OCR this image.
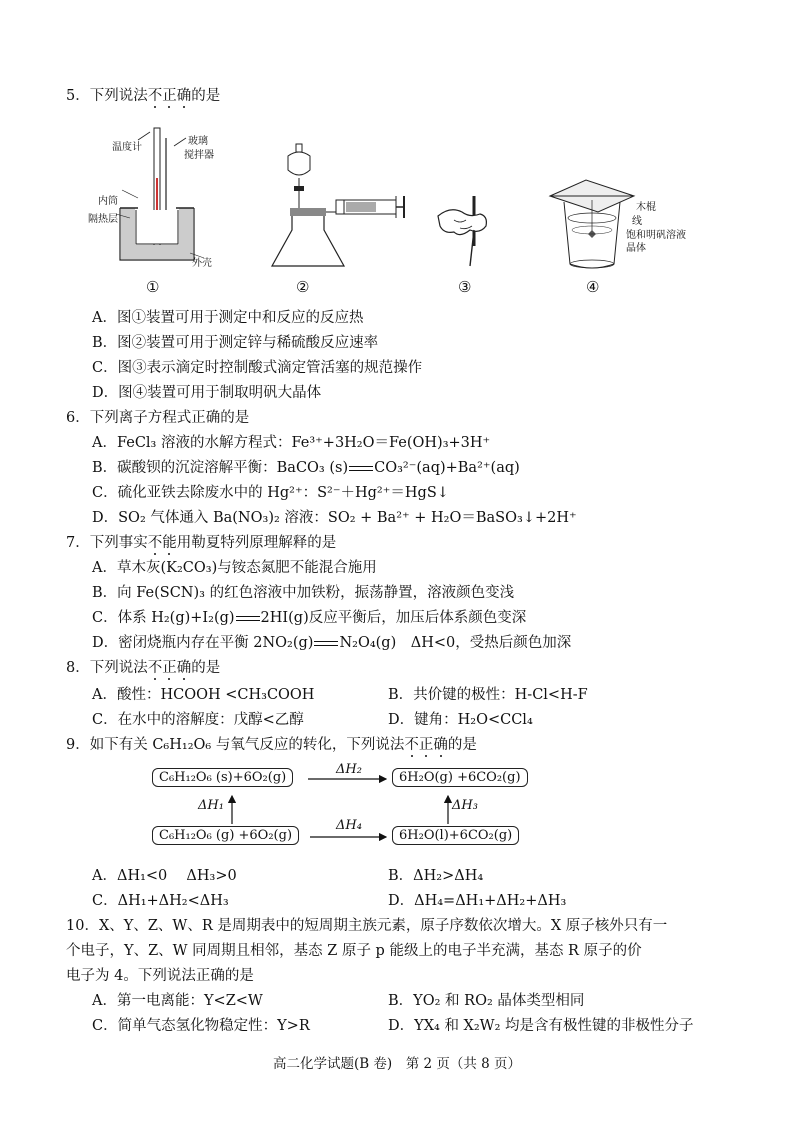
5．下列说法不正确的是
温度计
玻璃
搅拌器
内筒
隔热层
外壳
①	②	③
木棍
线
饱和明矾溶液
晶体
④
A．图①装置可用于测定中和反应的反应热
B．图②装置可用于测定锌与稀硫酸反应速率
C．图③表示滴定时控制酸式滴定管活塞的规范操作
D．图④装置可用于制取明矾大晶体
6．下列离子方程式正确的是
A．FeCl₃ 溶液的水解方程式：Fe³⁺+3H₂O＝Fe(OH)₃+3H⁺
B．碳酸钡的沉淀溶解平衡：BaCO₃ (s) CO₃²⁻(aq)+Ba²⁺(aq)
C．硫化亚铁去除废水中的 Hg²⁺：S²⁻＋Hg²⁺＝HgS↓
D．SO₂ 气体通入 Ba(NO₃)₂ 溶液：SO₂ + Ba²⁺ + H₂O＝BaSO₃↓+2H⁺
7．下列事实不能用勒夏特列原理解释的是
A．草木灰(K₂CO₃)与铵态氮肥不能混合施用
B．向 Fe(SCN)₃ 的红色溶液中加铁粉，振荡静置，溶液颜色变浅
C．体系 H₂(g)+I₂(g) 2HI(g)反应平衡后，加压后体系颜色变深
D．密闭烧瓶内存在平衡 2NO₂(g) N₂O₄(g)　ΔH<0，受热后颜色加深
8．下列说法不正确的是
A．酸性：HCOOH <CH₃COOH	B．共价键的极性：H-Cl<H-F
C．在水中的溶解度：戊醇<乙醇	D．键角：H₂O<CCl₄
9．如下有关 C₆H₁₂O₆ 与氧气反应的转化，下列说法不正确的是
C₆H₁₂O₆ (s)+6O₂(g)	6H₂O(g) +6CO₂(g)
C₆H₁₂O₆ (g) +6O₂(g)	6H₂O(l)+6CO₂(g)
ΔH₂
ΔH₄
ΔH₁	ΔH₃
A．ΔH₁<0　 ΔH₃>0	B．ΔH₂>ΔH₄
C．ΔH₁+ΔH₂<ΔH₃	D．ΔH₄=ΔH₁+ΔH₂+ΔH₃
10．X、Y、Z、W、R 是周期表中的短周期主族元素，原子序数依次增大。X 原子核外只有一
个电子，Y、Z、W 同周期且相邻，基态 Z 原子 p 能级上的电子半充满，基态 R 原子的价
电子为 4。下列说法正确的是
A．第一电离能：Y<Z<W	B．YO₂ 和 RO₂ 晶体类型相同
C．简单气态氢化物稳定性：Y>R	D．YX₄ 和 X₂W₂ 均是含有极性键的非极性分子
高二化学试题(B 卷)　第 2 页（共 8 页）
